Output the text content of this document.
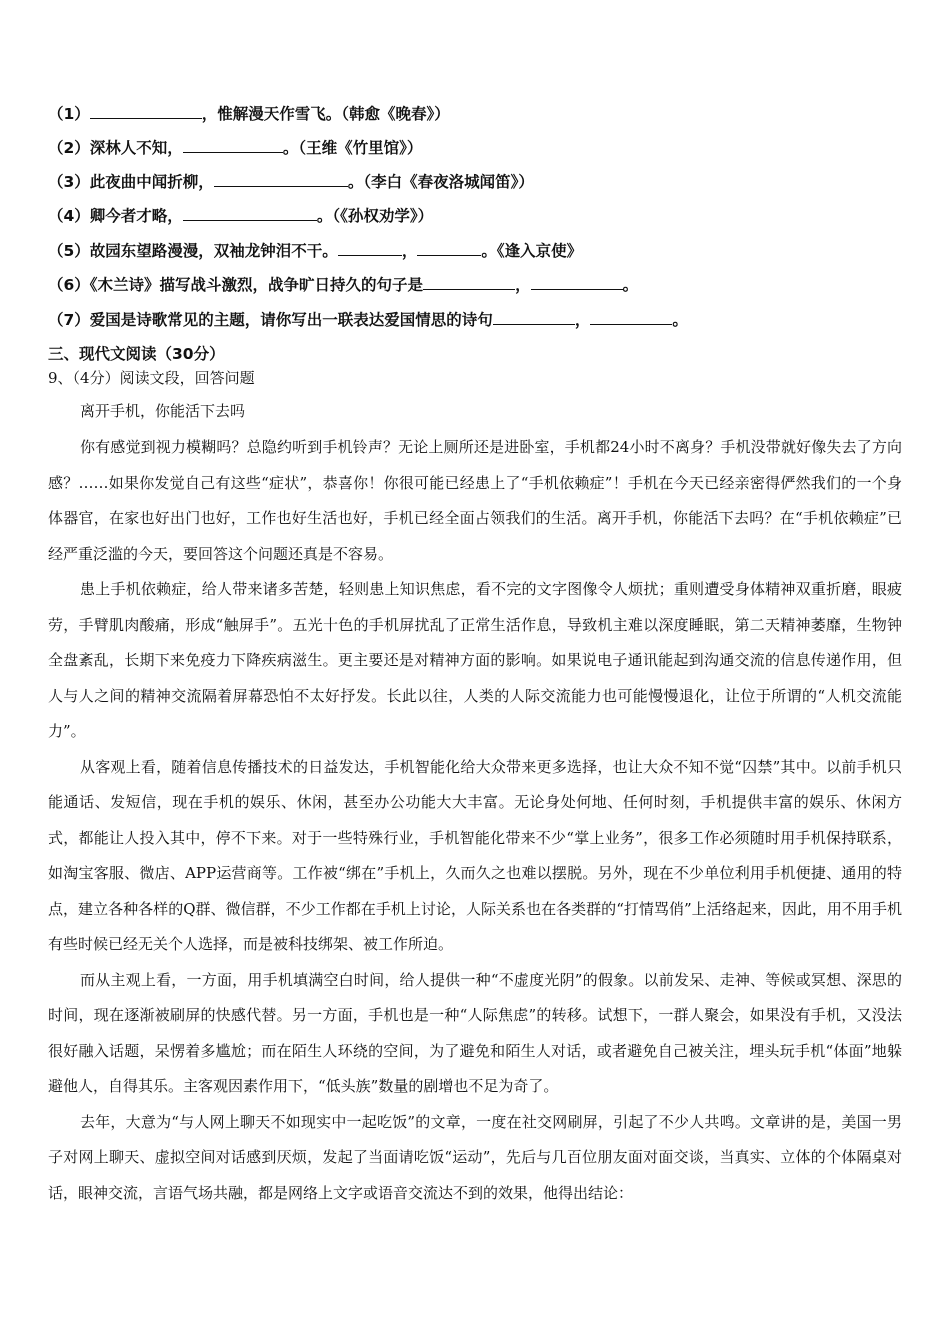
（1）	，惟解漫天作雪飞。（韩愈《晚春》）
（2）深林人不知，	。（王维《竹里馆》）
（3）此夜曲中闻折柳，	。（李白《春夜洛城闻笛》）
（4）卿今者才略，	。（《孙权劝学》）
（5）故园东望路漫漫，双袖龙钟泪不干。	，	。《逢入京使》
（6）《木兰诗》描写战斗激烈，战争旷日持久的句子是	，	。
（7）爱国是诗歌常见的主题，请你写出一联表达爱国情思的诗句	，	。
三、现代文阅读（30分）
9、（4分）阅读文段，回答问题
离开手机，你能活下去吗

你有感觉到视力模糊吗？总隐约听到手机铃声？无论上厕所还是进卧室，手机都24小时不离身？手机没带就好像失去了方向感？……如果你发觉自己有这些“症状”，恭喜你！你很可能已经患上了“手机依赖症”！手机在今天已经亲密得俨然我们的一个身体器官，在家也好出门也好，工作也好生活也好，手机已经全面占领我们的生活。离开手机，你能活下去吗？在“手机依赖症”已经严重泛滥的今天，要回答这个问题还真是不容易。

患上手机依赖症，给人带来诸多苦楚，轻则患上知识焦虑，看不完的文字图像令人烦扰；重则遭受身体精神双重折磨，眼疲劳，手臂肌肉酸痛，形成“触屏手”。五光十色的手机屏扰乱了正常生活作息，导致机主难以深度睡眠，第二天精神萎靡，生物钟全盘紊乱，长期下来免疫力下降疾病滋生。更主要还是对精神方面的影响。如果说电子通讯能起到沟通交流的信息传递作用，但人与人之间的精神交流隔着屏幕恐怕不太好抒发。长此以往，人类的人际交流能力也可能慢慢退化，让位于所谓的“人机交流能力”。

从客观上看，随着信息传播技术的日益发达，手机智能化给大众带来更多选择，也让大众不知不觉“囚禁”其中。以前手机只能通话、发短信，现在手机的娱乐、休闲，甚至办公功能大大丰富。无论身处何地、任何时刻，手机提供丰富的娱乐、休闲方式，都能让人投入其中，停不下来。对于一些特殊行业，手机智能化带来不少“掌上业务”，很多工作必须随时用手机保持联系，如淘宝客服、微店、APP运营商等。工作被“绑在”手机上，久而久之也难以摆脱。另外，现在不少单位利用手机便捷、通用的特点，建立各种各样的Q群、微信群，不少工作都在手机上讨论，人际关系也在各类群的“打情骂俏”上活络起来，因此，用不用手机有些时候已经无关个人选择，而是被科技绑架、被工作所迫。

而从主观上看，一方面，用手机填满空白时间，给人提供一种“不虚度光阴”的假象。以前发呆、走神、等候或冥想、深思的时间，现在逐渐被刷屏的快感代替。另一方面，手机也是一种“人际焦虑”的转移。试想下，一群人聚会，如果没有手机，又没法很好融入话题，呆愣着多尴尬；而在陌生人环绕的空间，为了避免和陌生人对话，或者避免自己被关注，埋头玩手机“体面”地躲避他人，自得其乐。主客观因素作用下，“低头族”数量的剧增也不足为奇了。

去年，大意为“与人网上聊天不如现实中一起吃饭”的文章，一度在社交网刷屏，引起了不少人共鸣。文章讲的是，美国一男子对网上聊天、虚拟空间对话感到厌烦，发起了当面请吃饭“运动”，先后与几百位朋友面对面交谈，当真实、立体的个体隔桌对话，眼神交流，言语气场共融，都是网络上文字或语音交流达不到的效果，他得出结论：
